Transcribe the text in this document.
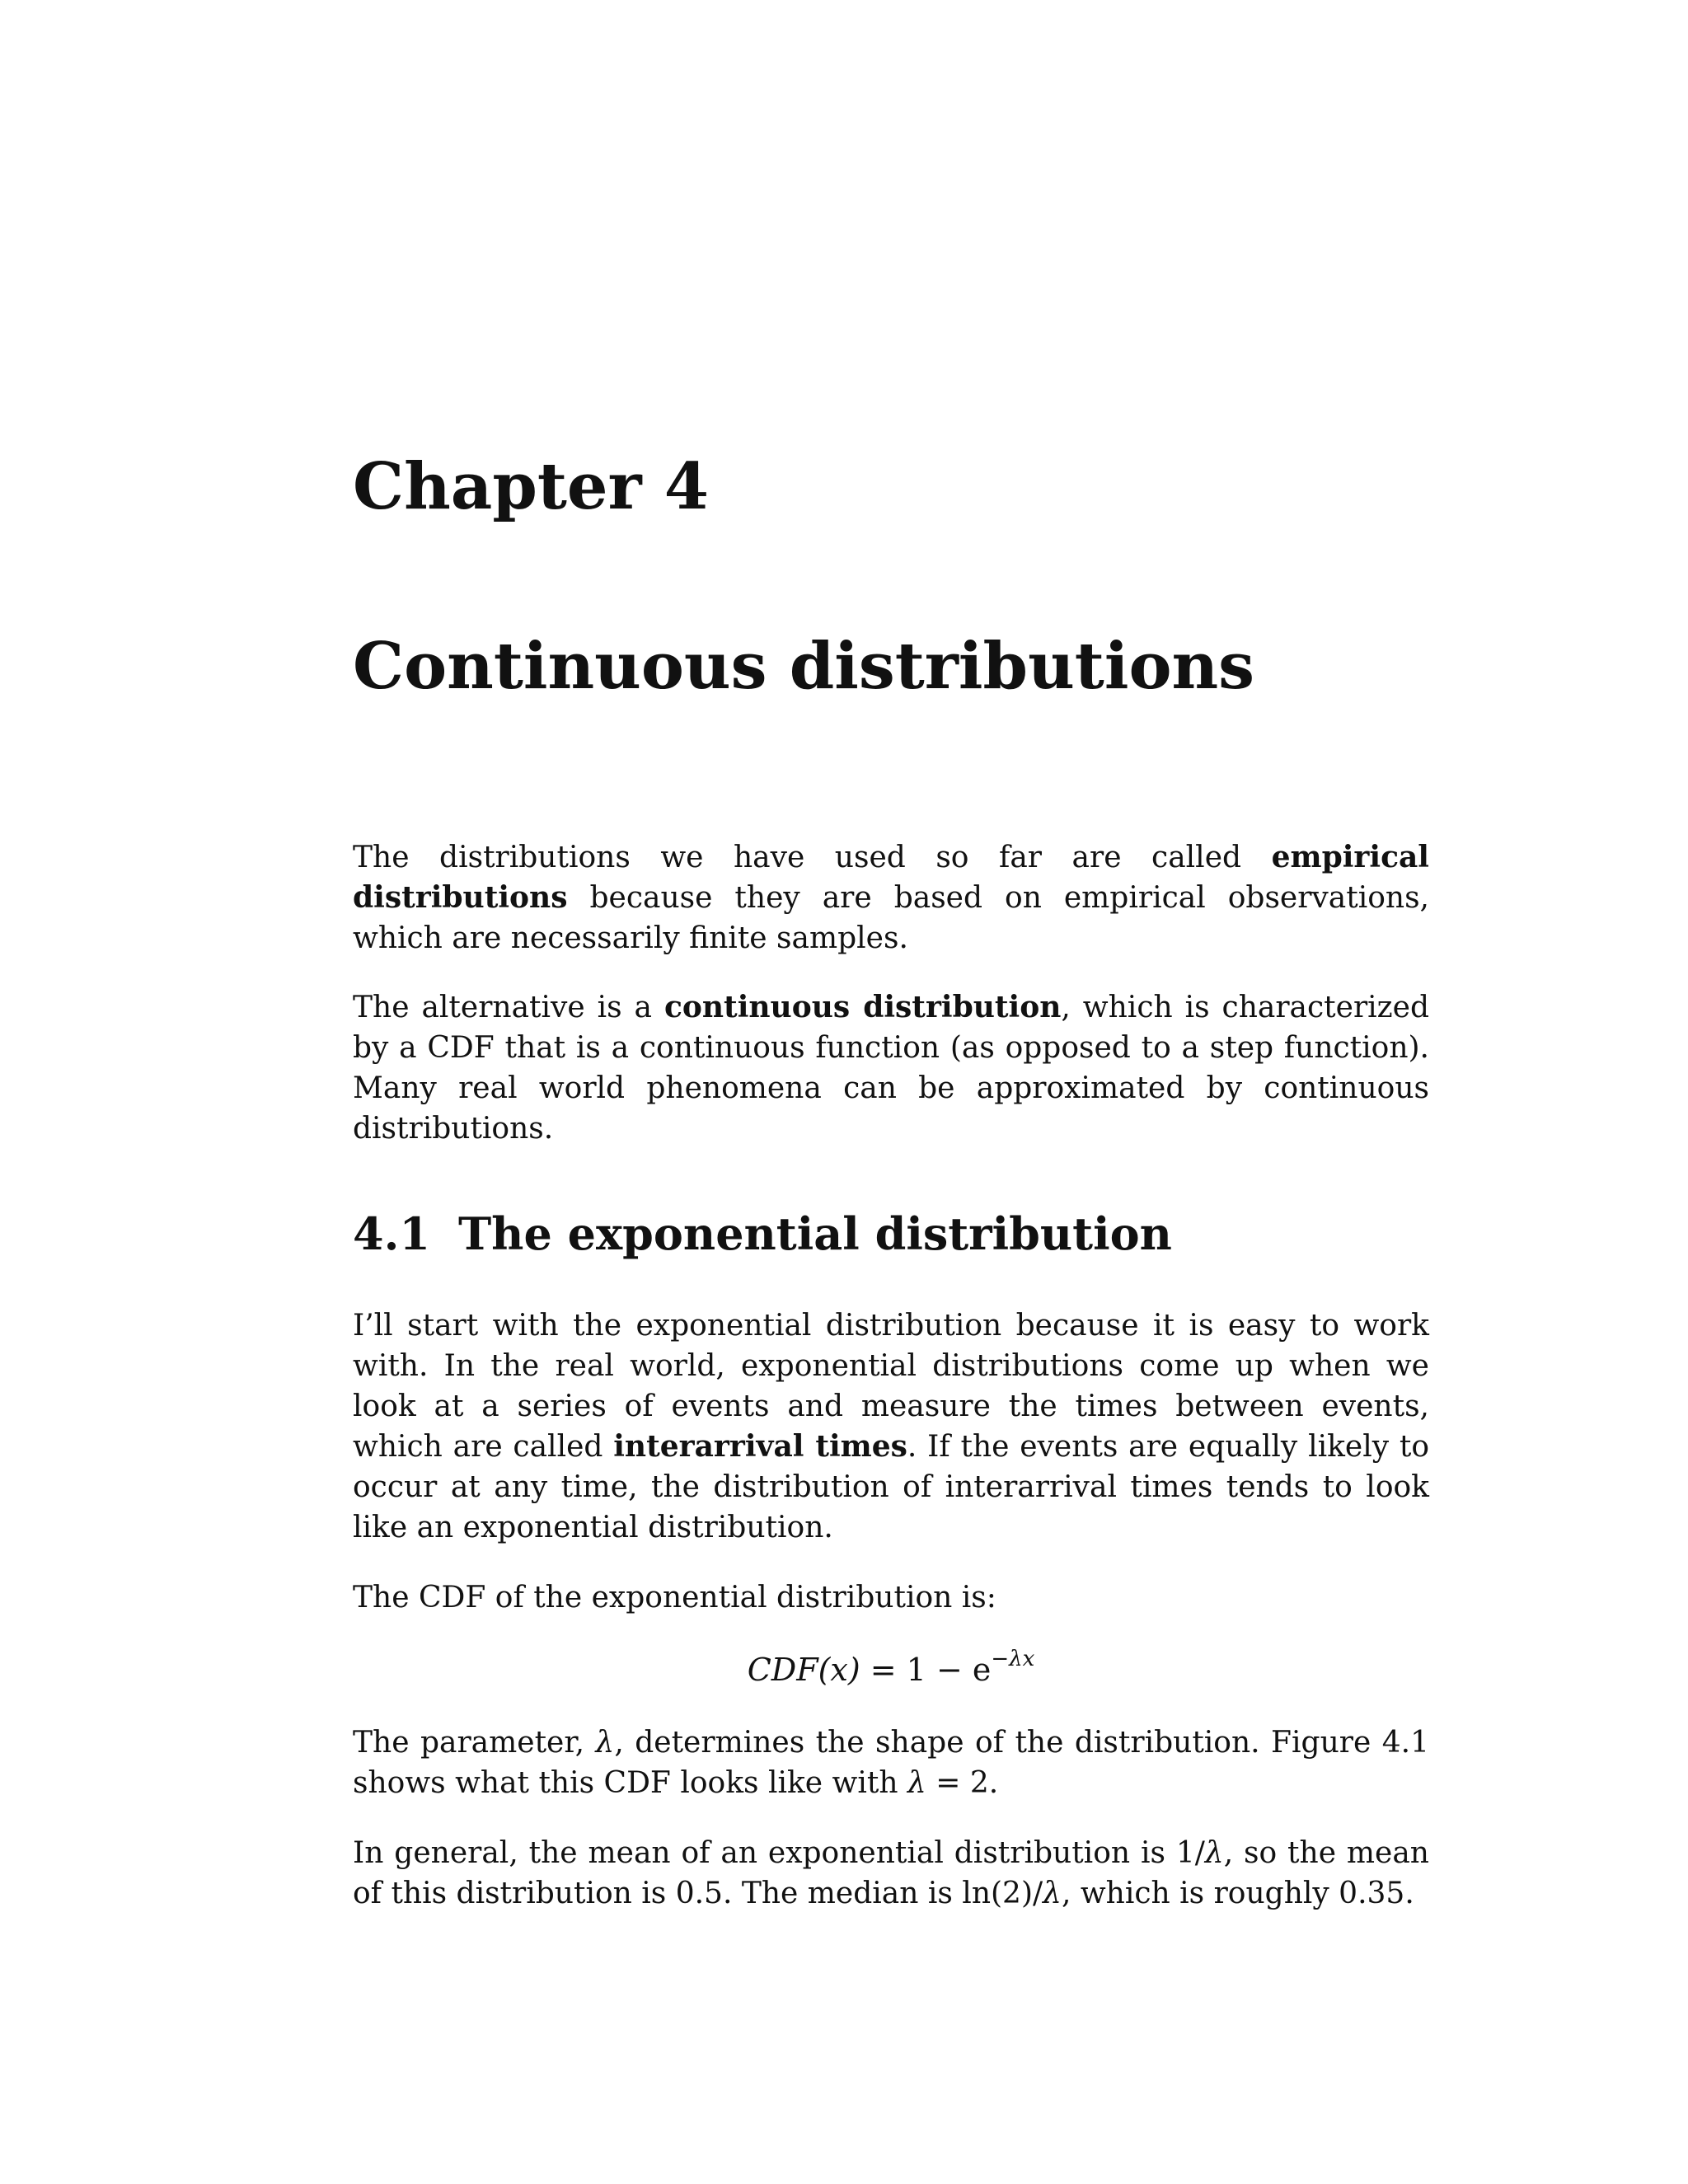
Chapter 4
Continuous distributions

The distributions we have used so far are called empirical distributions because they are based on empirical observations, which are necessarily finite samples.

The alternative is a continuous distribution, which is characterized by a CDF that is a continuous function (as opposed to a step function). Many real world phenomena can be approximated by continuous distributions.

4.1 The exponential distribution

I’ll start with the exponential distribution because it is easy to work with. In the real world, exponential distributions come up when we look at a series of events and measure the times between events, which are called interarrival times. If the events are equally likely to occur at any time, the distribution of interarrival times tends to look like an exponential distribution.

The CDF of the exponential distribution is:

$CDF(x) = 1 - e^{-\lambda x}$

The parameter, λ, determines the shape of the distribution. Figure 4.1 shows what this CDF looks like with λ = 2.

In general, the mean of an exponential distribution is 1/λ, so the mean of this distribution is 0.5. The median is ln(2)/λ, which is roughly 0.35.
